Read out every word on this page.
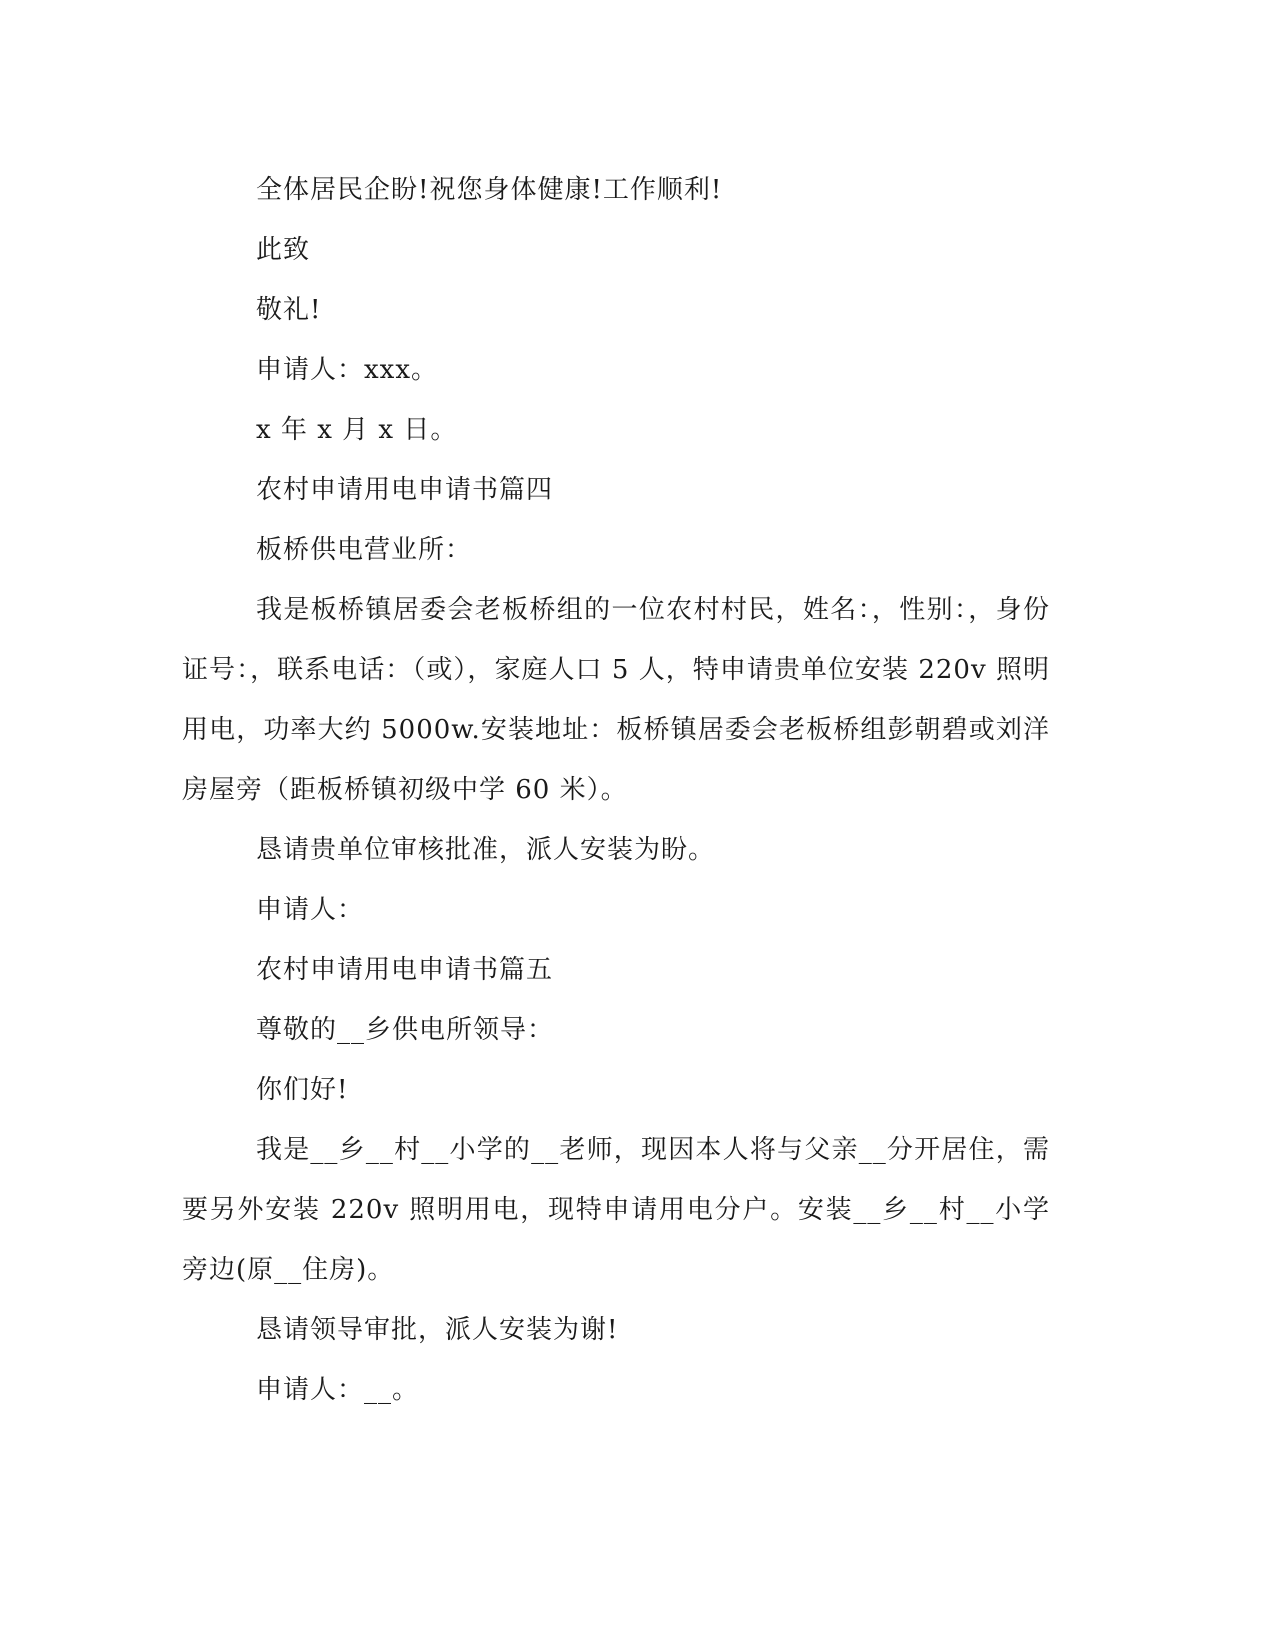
全体居民企盼!祝您身体健康!工作顺利!

此致

敬礼!

申请人：xxx。

x 年 x 月 x 日。

农村申请用电申请书篇四

板桥供电营业所：

我是板桥镇居委会老板桥组的一位农村村民，姓名：，性别：，身份证号：，联系电话：（或），家庭人口 5 人，特申请贵单位安装 220v 照明用电，功率大约 5000w.安装地址：板桥镇居委会老板桥组彭朝碧或刘洋房屋旁（距板桥镇初级中学 60 米）。

恳请贵单位审核批准，派人安装为盼。

申请人：

农村申请用电申请书篇五

尊敬的__乡供电所领导：

你们好!

我是__乡__村__小学的__老师，现因本人将与父亲__分开居住，需要另外安装 220v 照明用电，现特申请用电分户。安装__乡__村__小学旁边(原__住房)。

恳请领导审批，派人安装为谢!

申请人：__。
